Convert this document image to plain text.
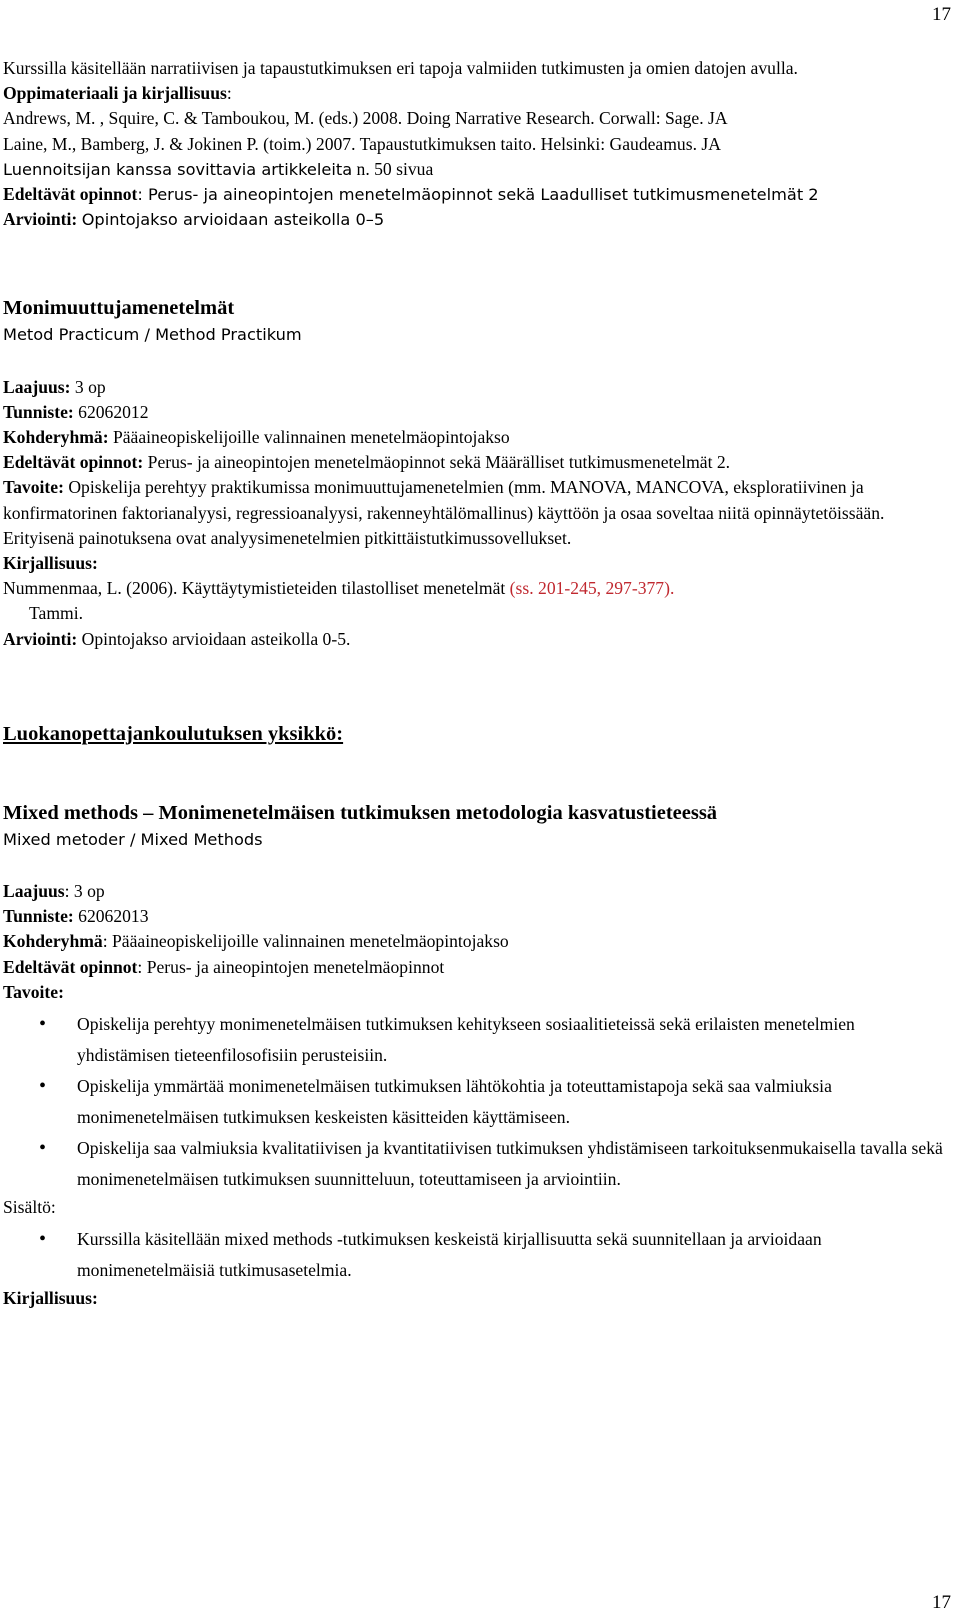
17

Kurssilla käsitellään narratiivisen ja tapaustutkimuksen eri tapoja valmiiden tutkimusten ja omien datojen avulla.

Oppimateriaali ja kirjallisuus:

Andrews, M. , Squire, C. & Tamboukou, M. (eds.) 2008. Doing Narrative Research. Corwall: Sage. JA

Laine, M., Bamberg, J. & Jokinen P. (toim.) 2007. Tapaustutkimuksen taito. Helsinki: Gaudeamus. JA

Luennoitsijan kanssa sovittavia artikkeleita n. 50 sivua

Edeltävät opinnot: Perus- ja aineopintojen menetelmäopinnot sekä Laadulliset tutkimusmenetelmät 2

Arviointi: Opintojakso arvioidaan asteikolla 0–5

Monimuuttujamenetelmät

Metod Practicum / Method Practikum

Laajuus: 3 op

Tunniste: 62062012

Kohderyhmä: Pääaineopiskelijoille valinnainen menetelmäopintojakso

Edeltävät opinnot: Perus- ja aineopintojen menetelmäopinnot sekä Määrälliset tutkimusmenetelmät 2.

Tavoite: Opiskelija perehtyy praktikumissa monimuuttujamenetelmien (mm. MANOVA, MANCOVA, eksploratiivinen ja konfirmatorinen faktorianalyysi, regressioanalyysi, rakenneyhtälömallinus) käyttöön ja osaa soveltaa niitä opinnäytetöissään. Erityisenä painotuksena ovat analyysimenetelmien pitkittäistutkimussovellukset.

Kirjallisuus:

Nummenmaa, L. (2006). Käyttäytymistieteiden tilastolliset menetelmät (ss. 201-245, 297-377).

Tammi.

Arviointi: Opintojakso arvioidaan asteikolla 0-5.

Luokanopettajankoulutuksen yksikkö:

Mixed methods – Monimenetelmäisen tutkimuksen metodologia kasvatustieteessä

Mixed metoder / Mixed Methods

Laajuus: 3 op

Tunniste: 62062013

Kohderyhmä: Pääaineopiskelijoille valinnainen menetelmäopintojakso

Edeltävät opinnot: Perus- ja aineopintojen menetelmäopinnot

Tavoite:

• Opiskelija perehtyy monimenetelmäisen tutkimuksen kehitykseen sosiaalitieteissä sekä erilaisten menetelmien yhdistämisen tieteenfilosofisiin perusteisiin.
• Opiskelija ymmärtää monimenetelmäisen tutkimuksen lähtökohtia ja toteuttamistapoja sekä saa valmiuksia monimenetelmäisen tutkimuksen keskeisten käsitteiden käyttämiseen.
• Opiskelija saa valmiuksia kvalitatiivisen ja kvantitatiivisen tutkimuksen yhdistämiseen tarkoituksenmukaisella tavalla sekä monimenetelmäisen tutkimuksen suunnitteluun, toteuttamiseen ja arviointiin.

Sisältö:

• Kurssilla käsitellään mixed methods -tutkimuksen keskeistä kirjallisuutta sekä suunnitellaan ja arvioidaan monimenetelmäisiä tutkimusasetelmia.

Kirjallisuus:

17
